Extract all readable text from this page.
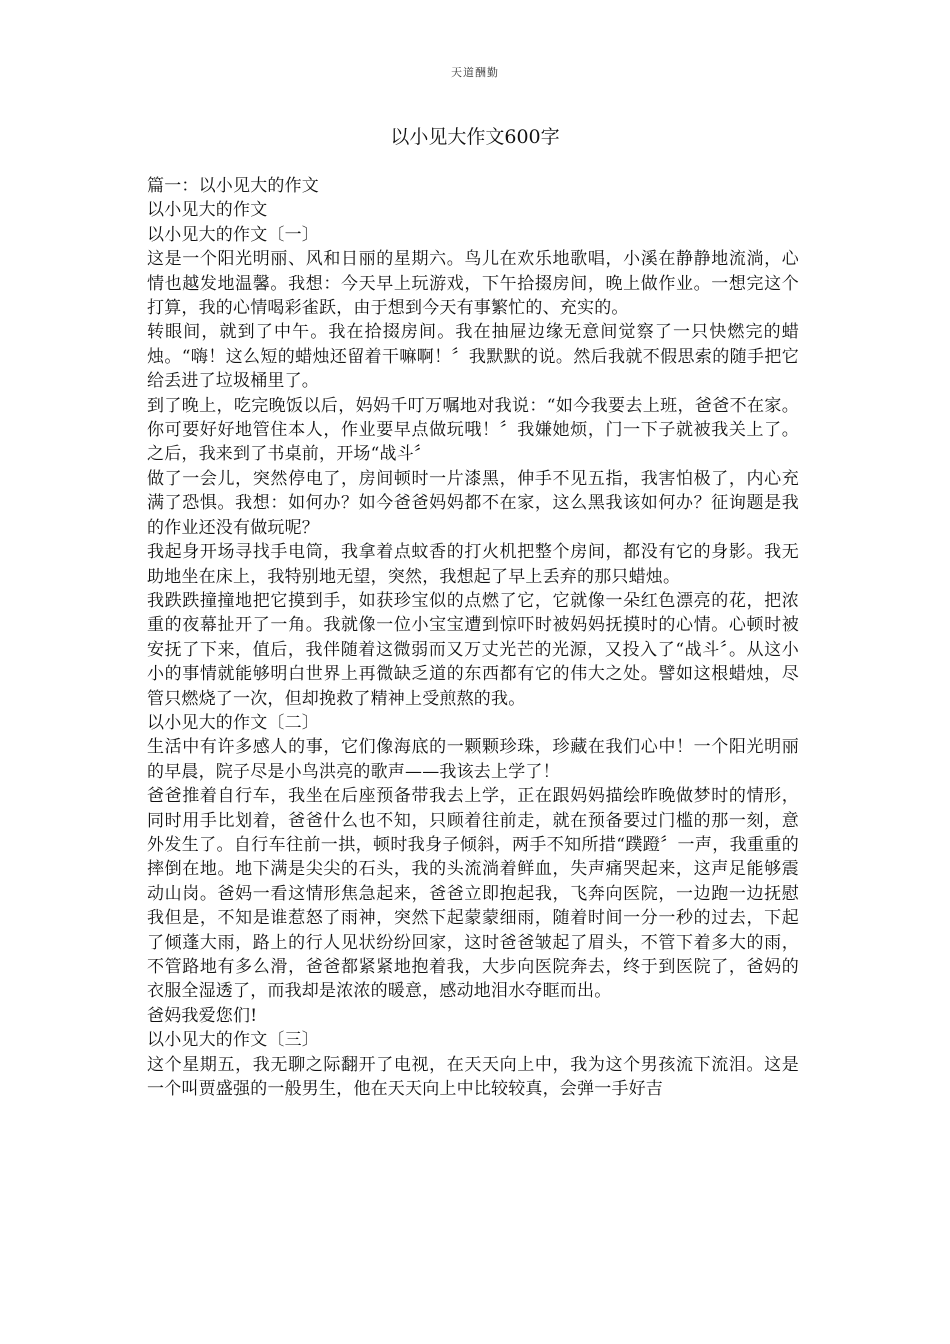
天道酬勤
以小见大作文600字

篇一：以小见大的作文

以小见大的作文

以小见大的作文〔一〕

这是一个阳光明丽、风和日丽的星期六。鸟儿在欢乐地歌唱，小溪在静静地流淌，心情也越发地温馨。我想：今天早上玩游戏，下午拾掇房间，晚上做作业。一想完这个打算，我的心情喝彩雀跃，由于想到今天有事繁忙的、充实的。

转眼间，就到了中午。我在拾掇房间。我在抽屉边缘无意间觉察了一只快燃完的蜡烛。“嗨！这么短的蜡烛还留着干嘛啊！〞我默默的说。然后我就不假思索的随手把它给丢进了垃圾桶里了。

到了晚上，吃完晚饭以后，妈妈千叮万嘱地对我说：“如今我要去上班，爸爸不在家。你可要好好地管住本人，作业要早点做玩哦！〞我嫌她烦，门一下子就被我关上了。之后，我来到了书桌前，开场“战斗〞

做了一会儿，突然停电了，房间顿时一片漆黑，伸手不见五指，我害怕极了，内心充满了恐惧。我想：如何办？如今爸爸妈妈都不在家，这么黑我该如何办？征询题是我的作业还没有做玩呢？

我起身开场寻找手电筒，我拿着点蚊香的打火机把整个房间，都没有它的身影。我无助地坐在床上，我特别地无望，突然，我想起了早上丢弃的那只蜡烛。

我跌跌撞撞地把它摸到手，如获珍宝似的点燃了它，它就像一朵红色漂亮的花，把浓重的夜幕扯开了一角。我就像一位小宝宝遭到惊吓时被妈妈抚摸时的心情。心顿时被安抚了下来，值后，我伴随着这微弱而又万丈光芒的光源，又投入了“战斗〞。从这小小的事情就能够明白世界上再微缺乏道的东西都有它的伟大之处。譬如这根蜡烛，尽管只燃烧了一次，但却挽救了精神上受煎熬的我。

以小见大的作文〔二〕

生活中有许多感人的事，它们像海底的一颗颗珍珠，珍藏在我们心中！一个阳光明丽的早晨，院子尽是小鸟洪亮的歌声——我该去上学了！

爸爸推着自行车，我坐在后座预备带我去上学，正在跟妈妈描绘昨晚做梦时的情形，同时用手比划着，爸爸什么也不知，只顾着往前走，就在预备要过门槛的那一刻，意外发生了。自行车往前一拱，顿时我身子倾斜，两手不知所措“蹼蹬〞一声，我重重的摔倒在地。地下满是尖尖的石头，我的头流淌着鲜血，失声痛哭起来，这声足能够震动山岗。爸妈一看这情形焦急起来，爸爸立即抱起我，飞奔向医院，一边跑一边抚慰我但是，不知是谁惹怒了雨神，突然下起蒙蒙细雨，随着时间一分一秒的过去，下起了倾蓬大雨，路上的行人见状纷纷回家，这时爸爸皱起了眉头，不管下着多大的雨，不管路地有多么滑，爸爸都紧紧地抱着我，大步向医院奔去，终于到医院了，爸妈的衣服全湿透了，而我却是浓浓的暖意，感动地泪水夺眶而出。

爸妈我爱您们!

以小见大的作文〔三〕

这个星期五，我无聊之际翻开了电视，在天天向上中，我为这个男孩流下流泪。这是一个叫贾盛强的一般男生，他在天天向上中比较较真，会弹一手好吉
